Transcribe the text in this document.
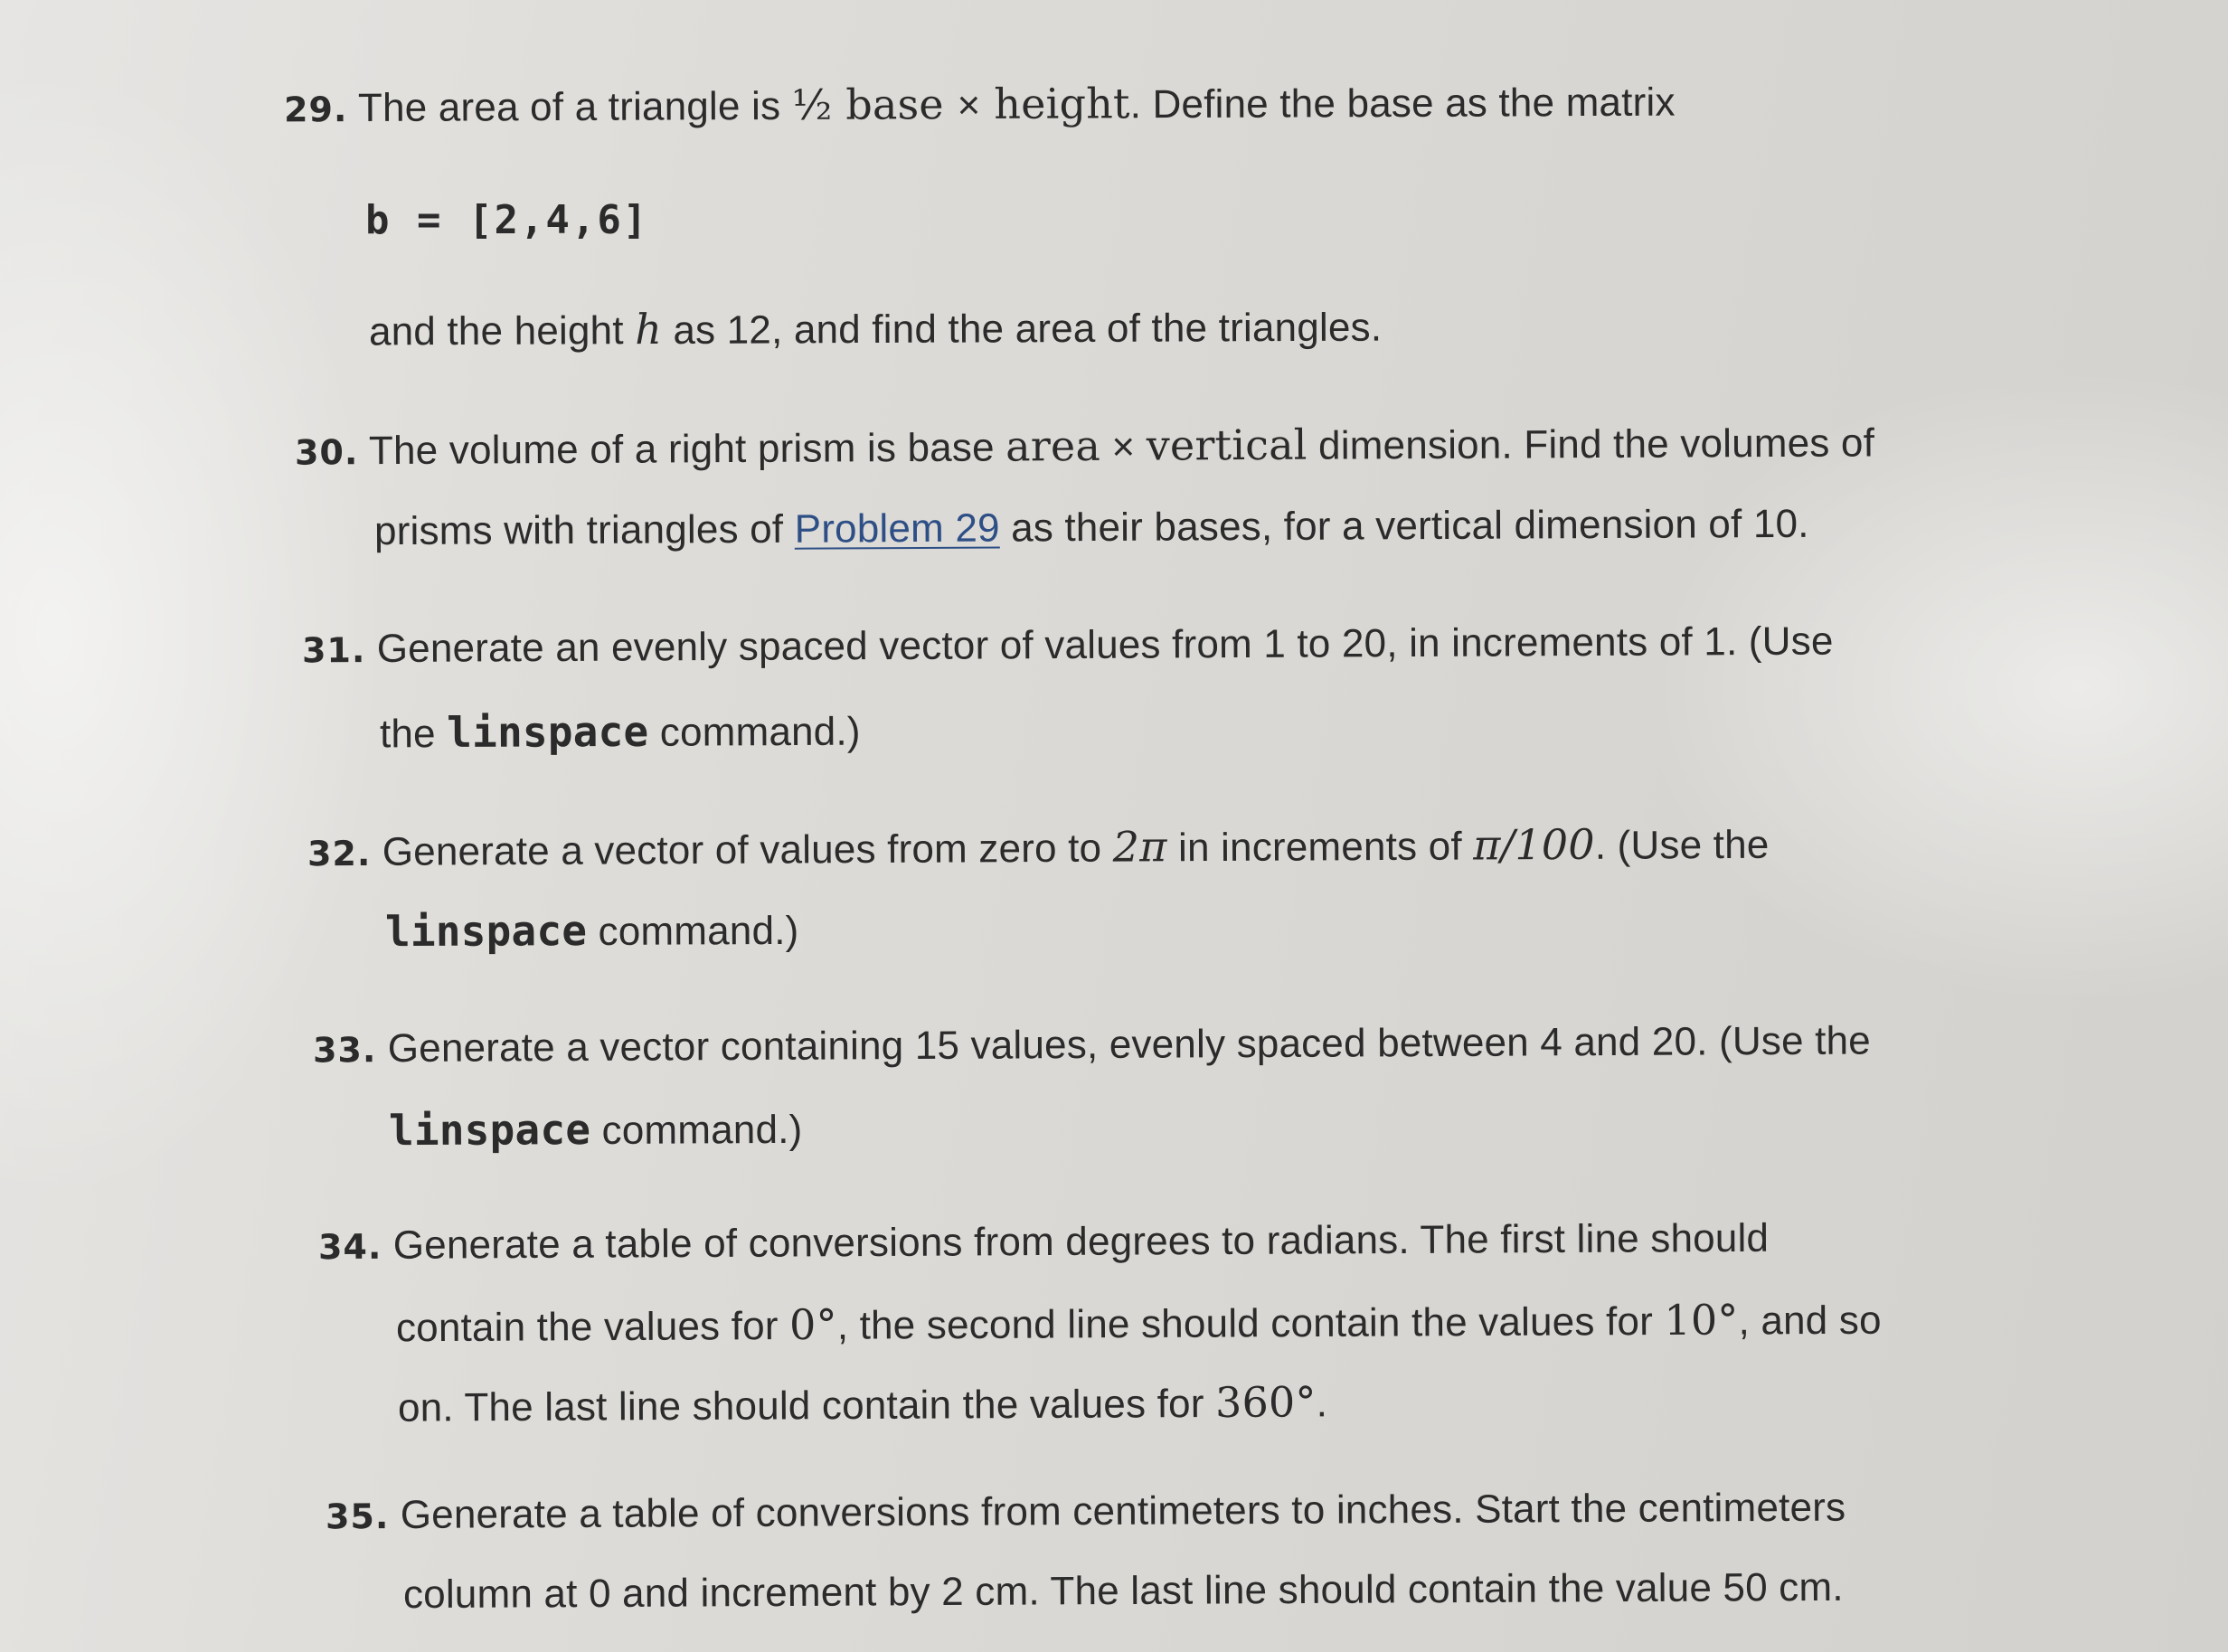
29. The area of a triangle is ½ base × height. Define the base as the matrix
b = [2,4,6]
and the height h as 12, and find the area of the triangles.
30. The volume of a right prism is base area × vertical dimension. Find the volumes of
prisms with triangles of Problem 29 as their bases, for a vertical dimension of 10.
31. Generate an evenly spaced vector of values from 1 to 20, in increments of 1. (Use
the linspace command.)
32. Generate a vector of values from zero to 2π in increments of π/100. (Use the
linspace command.)
33. Generate a vector containing 15 values, evenly spaced between 4 and 20. (Use the
linspace command.)
34. Generate a table of conversions from degrees to radians. The first line should
contain the values for 0°, the second line should contain the values for 10°, and so
on. The last line should contain the values for 360°.
35. Generate a table of conversions from centimeters to inches. Start the centimeters
column at 0 and increment by 2 cm. The last line should contain the value 50 cm.
